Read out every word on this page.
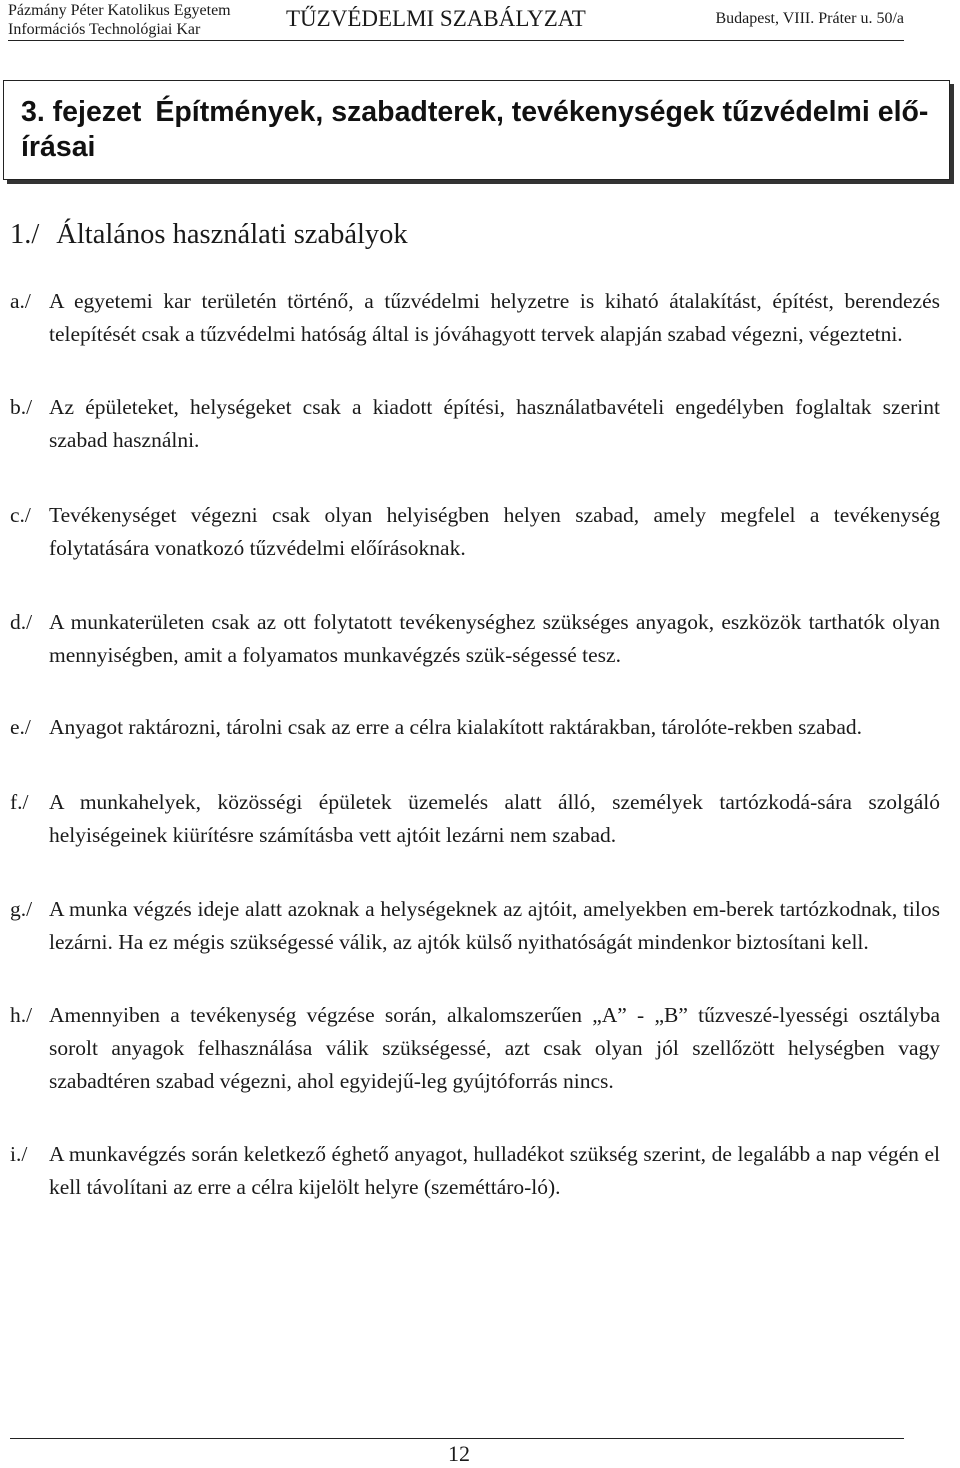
Pázmány Péter Katolikus Egyetem
Információs Technológiai Kar	TŰZVÉDELMI SZABÁLYZAT	Budapest, VIII. Práter u. 50/a
3. fejezet Építmények, szabadterek, tevékenységek tűzvédelmi elő-írásai
1./ Általános használati szabályok
a./ A egyetemi kar területén történő, a tűzvédelmi helyzetre is kiható átalakítást, építést, berendezés telepítését csak a tűzvédelmi hatóság által is jóváhagyott tervek alapján szabad végezni, végeztetni.
b./ Az épületeket, helységeket csak a kiadott építési, használatbavételi engedélyben foglaltak szerint szabad használni.
c./ Tevékenységet végezni csak olyan helyiségben helyen szabad, amely megfelel a tevékenység folytatására vonatkozó tűzvédelmi előírásoknak.
d./ A munkaterületen csak az ott folytatott tevékenységhez szükséges anyagok, eszközök tarthatók olyan mennyiségben, amit a folyamatos munkavégzés szük-ségessé tesz.
e./ Anyagot raktározni, tárolni csak az erre a célra kialakított raktárakban, tárolóte-rekben szabad.
f./ A munkahelyek, közösségi épületek üzemelés alatt álló, személyek tartózkodá-sára szolgáló helyiségeinek kiürítésre számításba vett ajtóit lezárni nem szabad.
g./ A munka végzés ideje alatt azoknak a helységeknek az ajtóit, amelyekben em-berek tartózkodnak, tilos lezárni. Ha ez mégis szükségessé válik, az ajtók külső nyithatóságát mindenkor biztosítani kell.
h./ Amennyiben a tevékenység végzése során, alkalomszerűen „A” - „B” tűzveszé-lyességi osztályba sorolt anyagok felhasználása válik szükségessé, azt csak olyan jól szellőzött helységben vagy szabadtéren szabad végezni, ahol egyidejű-leg gyújtóforrás nincs.
i./ A munkavégzés során keletkező éghető anyagot, hulladékot szükség szerint, de legalább a nap végén el kell távolítani az erre a célra kijelölt helyre (szeméttáro-ló).
12
